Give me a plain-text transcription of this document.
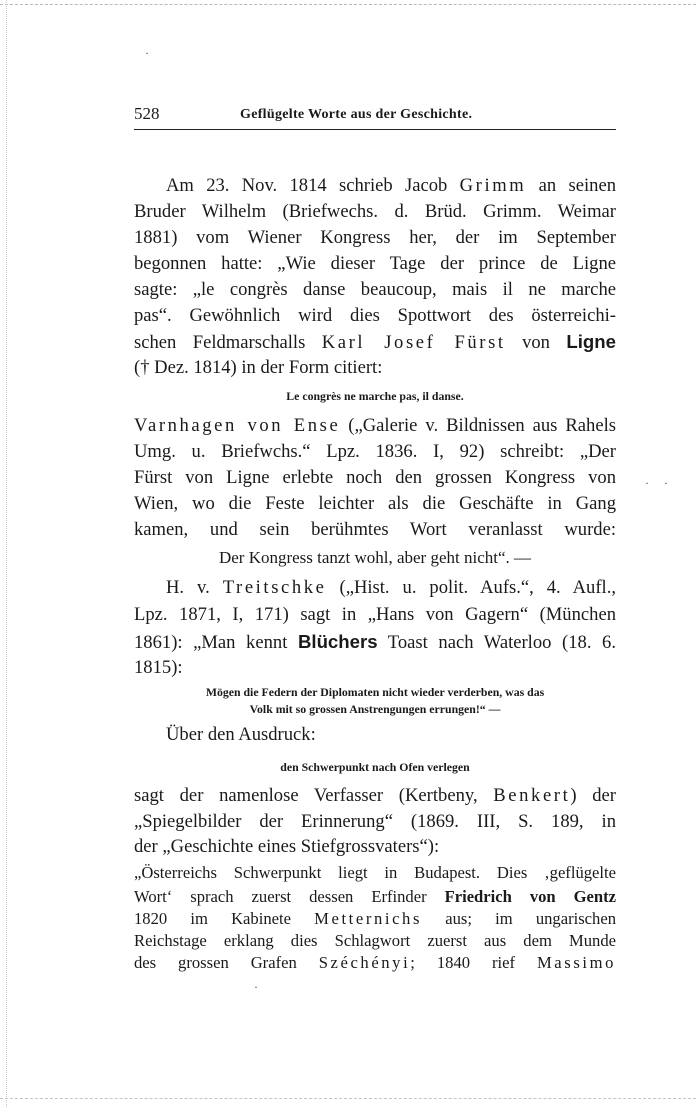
528	Geflügelte Worte aus der Geschichte.
Am 23. Nov. 1814 schrieb Jacob Grimm an seinen
Bruder Wilhelm (Briefwechs. d. Brüd. Grimm. Weimar
1881) vom Wiener Kongress her, der im September
begonnen hatte: „Wie dieser Tage der prince de Ligne
sagte: „le congrès danse beaucoup, mais il ne marche
pas“. Gewöhnlich wird dies Spottwort des österreichi-
schen Feldmarschalls Karl Josef Fürst von Ligne
(† Dez. 1814) in der Form citiert:
Le congrès ne marche pas, il danse.
Varnhagen von Ense („Galerie v. Bildnissen aus Rahels
Umg. u. Briefwchs.“ Lpz. 1836. I, 92) schreibt: „Der
Fürst von Ligne erlebte noch den grossen Kongress von
Wien, wo die Feste leichter als die Geschäfte in Gang
kamen, und sein berühmtes Wort veranlasst wurde:
Der Kongress tanzt wohl, aber geht nicht“. —
H. v. Treitschke („Hist. u. polit. Aufs.“, 4. Aufl.,
Lpz. 1871, I, 171) sagt in „Hans von Gagern“ (München
1861): „Man kennt Blüchers Toast nach Waterloo (18. 6.
1815):
Mögen die Federn der Diplomaten nicht wieder verderben, was das
Volk mit so grossen Anstrengungen errungen!“ —
Über den Ausdruck:
den Schwerpunkt nach Ofen verlegen
sagt der namenlose Verfasser (Kertbeny, Benkert) der
„Spiegelbilder der Erinnerung“ (1869. III, S. 189, in
der „Geschichte eines Stiefgrossvaters“):
„Österreichs Schwerpunkt liegt in Budapest. Dies ‚geflügelte
Wort‘ sprach zuerst dessen Erfinder Friedrich von Gentz
1820 im Kabinete Metternichs aus; im ungarischen
Reichstage erklang dies Schlagwort zuerst aus dem Munde
des grossen Grafen Széchényi; 1840 rief Massimo
·
· ·
·
